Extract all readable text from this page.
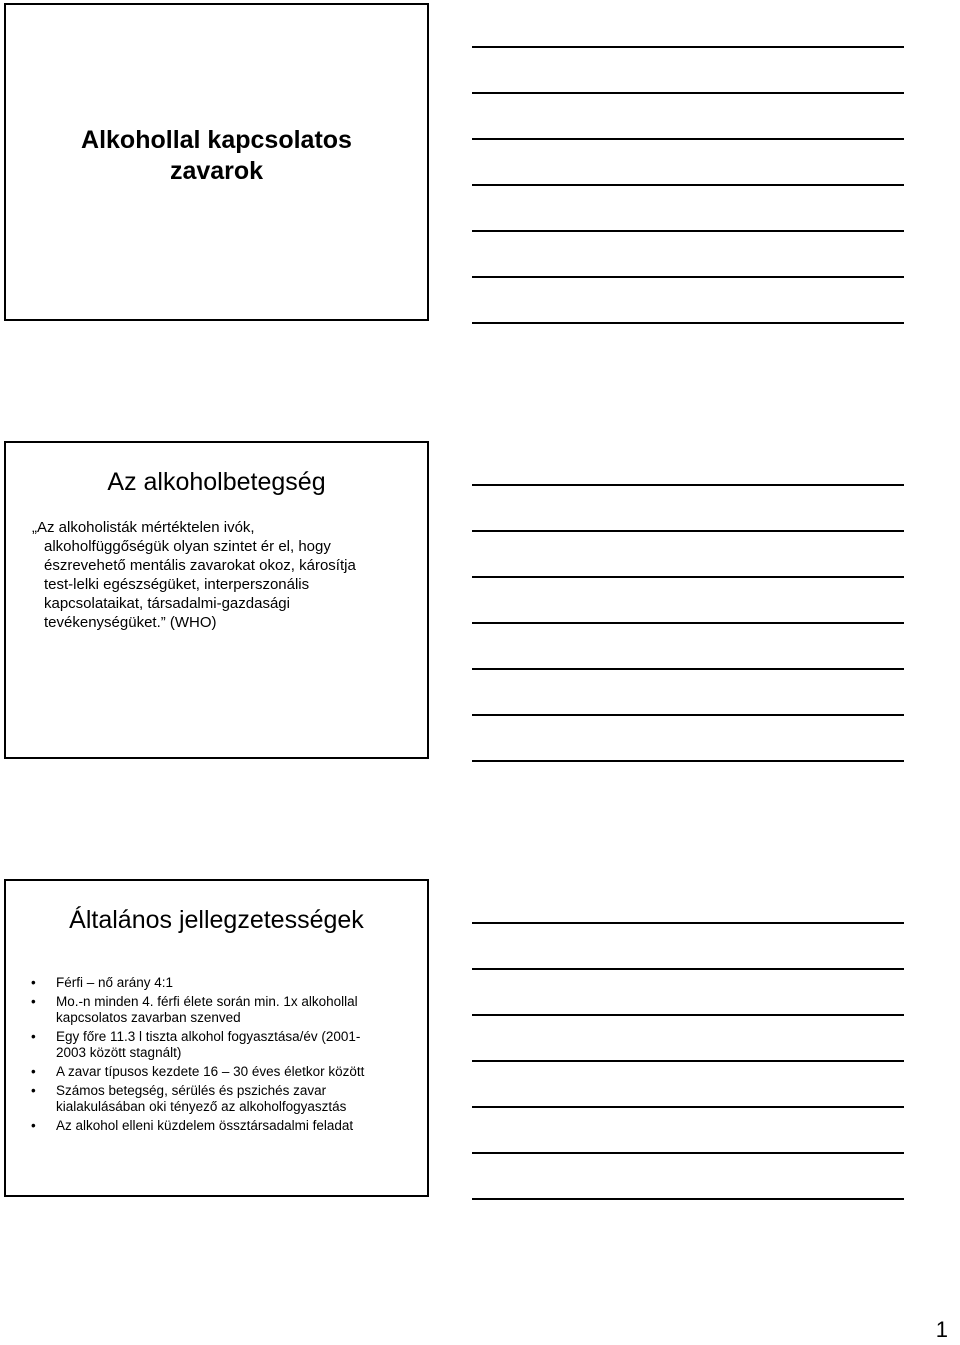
Alkohollal kapcsolatos
zavarok
Az alkoholbetegség
„Az alkoholisták mértéktelen ivók,
alkoholfüggőségük olyan szintet ér el, hogy
észrevehető mentális zavarokat okoz, károsítja
test-lelki egészségüket, interperszonális
kapcsolataikat, társadalmi-gazdasági
tevékenységüket.” (WHO)
Általános jellegzetességek
• Férfi – nő arány 4:1
• Mo.-n minden 4. férfi élete során min. 1x alkohollal
kapcsolatos zavarban szenved
• Egy főre 11.3 l tiszta alkohol fogyasztása/év (2001-
2003 között stagnált)
• A zavar típusos kezdete 16 – 30 éves életkor között
• Számos betegség, sérülés és pszichés zavar
kialakulásában oki tényező az alkoholfogyasztás
• Az alkohol elleni küzdelem össztársadalmi feladat
1
